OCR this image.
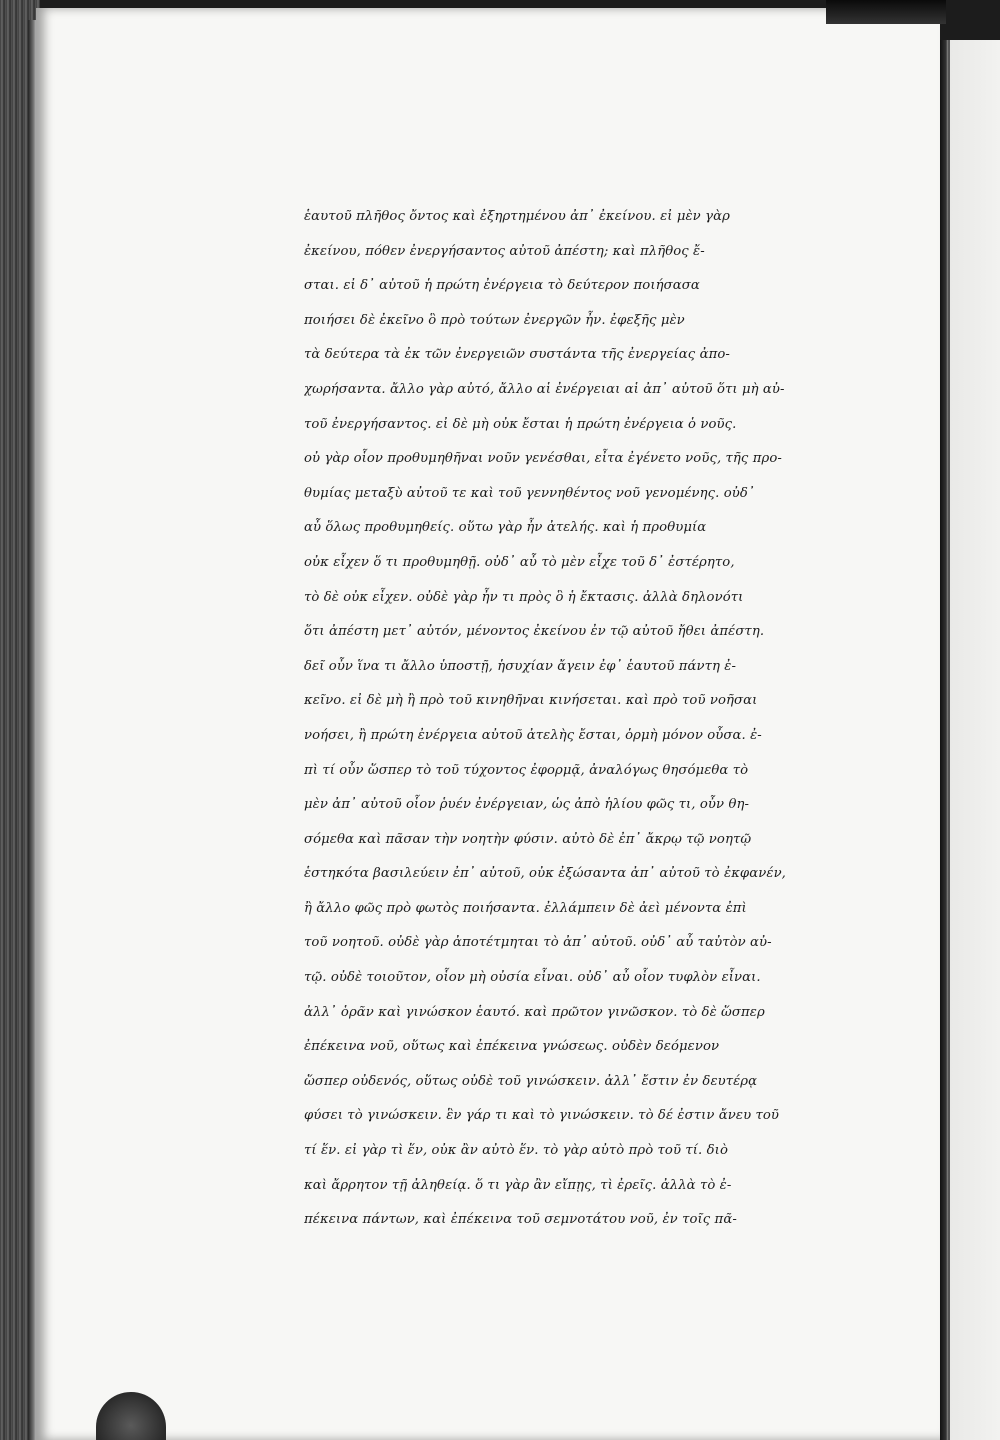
ἑαυτοῦ πλῆθος ὄντος καὶ ἐξηρτημένου ἀπ᾽ ἐκείνου. εἰ μὲν γὰρ
ἐκείνου, πόθεν ἐνεργήσαντος αὐτοῦ ἀπέστη; καὶ πλῆθος ἔ-
σται. εἰ δ᾽ αὐτοῦ ἡ πρώτη ἐνέργεια τὸ δεύτερον ποιήσασα
ποιήσει δὲ ἐκεῖνο ὃ πρὸ τούτων ἐνεργῶν ἦν. ἐφεξῆς μὲν
τὰ δεύτερα τὰ ἐκ τῶν ἐνεργειῶν συστάντα τῆς ἐνεργείας ἀπο-
χωρήσαντα. ἄλλο γὰρ αὐτό, ἄλλο αἱ ἐνέργειαι αἱ ἀπ᾽ αὐτοῦ ὅτι μὴ αὐ-
τοῦ ἐνεργήσαντος. εἰ δὲ μὴ οὐκ ἔσται ἡ πρώτη ἐνέργεια ὁ νοῦς.
οὐ γὰρ οἷον προθυμηθῆναι νοῦν γενέσθαι, εἶτα ἐγένετο νοῦς, τῆς προ-
θυμίας μεταξὺ αὐτοῦ τε καὶ τοῦ γεννηθέντος νοῦ γενομένης. οὐδ᾽
αὖ ὅλως προθυμηθείς. οὕτω γὰρ ἦν ἀτελής. καὶ ἡ προθυμία
οὐκ εἶχεν ὅ τι προθυμηθῇ. οὐδ᾽ αὖ τὸ μὲν εἶχε τοῦ δ᾽ ἐστέρητο,
τὸ δὲ οὐκ εἶχεν. οὐδὲ γὰρ ἦν τι πρὸς ὃ ἡ ἔκτασις. ἀλλὰ δηλονότι
ὅτι ἀπέστη μετ᾽ αὐτόν, μένοντος ἐκείνου ἐν τῷ αὐτοῦ ἤθει ἀπέστη.
δεῖ οὖν ἵνα τι ἄλλο ὑποστῇ, ἡσυχίαν ἄγειν ἐφ᾽ ἑαυτοῦ πάντη ἐ-
κεῖνο. εἰ δὲ μὴ ἢ πρὸ τοῦ κινηθῆναι κινήσεται. καὶ πρὸ τοῦ νοῆσαι
νοήσει, ἢ πρώτη ἐνέργεια αὐτοῦ ἀτελὴς ἔσται, ὁρμὴ μόνον οὖσα. ἐ-
πὶ τί οὖν ὥσπερ τὸ τοῦ τύχοντος ἐφορμᾷ, ἀναλόγως θησόμεθα τὸ
μὲν ἀπ᾽ αὐτοῦ οἷον ῥυέν ἐνέργειαν, ὡς ἀπὸ ἡλίου φῶς τι, οὖν θη-
σόμεθα καὶ πᾶσαν τὴν νοητὴν φύσιν. αὐτὸ δὲ ἐπ᾽ ἄκρῳ τῷ νοητῷ
ἑστηκότα βασιλεύειν ἐπ᾽ αὐτοῦ, οὐκ ἐξώσαντα ἀπ᾽ αὐτοῦ τὸ ἐκφανέν,
ἢ ἄλλο φῶς πρὸ φωτὸς ποιήσαντα. ἐλλάμπειν δὲ ἀεὶ μένοντα ἐπὶ
τοῦ νοητοῦ. οὐδὲ γὰρ ἀποτέτμηται τὸ ἀπ᾽ αὐτοῦ. οὐδ᾽ αὖ ταὐτὸν αὐ-
τῷ. οὐδὲ τοιοῦτον, οἷον μὴ οὐσία εἶναι. οὐδ᾽ αὖ οἷον τυφλὸν εἶναι.
ἀλλ᾽ ὁρᾶν καὶ γινώσκον ἑαυτό. καὶ πρῶτον γινῶσκον. τὸ δὲ ὥσπερ
ἐπέκεινα νοῦ, οὕτως καὶ ἐπέκεινα γνώσεως. οὐδὲν δεόμενον
ὥσπερ οὐδενός, οὕτως οὐδὲ τοῦ γινώσκειν. ἀλλ᾽ ἔστιν ἐν δευτέρᾳ
φύσει τὸ γινώσκειν. ἓν γάρ τι καὶ τὸ γινώσκειν. τὸ δέ ἐστιν ἄνευ τοῦ
τί ἕν. εἰ γὰρ τὶ ἕν, οὐκ ἂν αὐτὸ ἕν. τὸ γὰρ αὐτὸ πρὸ τοῦ τί. διὸ
καὶ ἄρρητον τῇ ἀληθείᾳ. ὅ τι γὰρ ἂν εἴπῃς, τὶ ἐρεῖς. ἀλλὰ τὸ ἐ-
πέκεινα πάντων, καὶ ἐπέκεινα τοῦ σεμνοτάτου νοῦ, ἐν τοῖς πᾶ-
